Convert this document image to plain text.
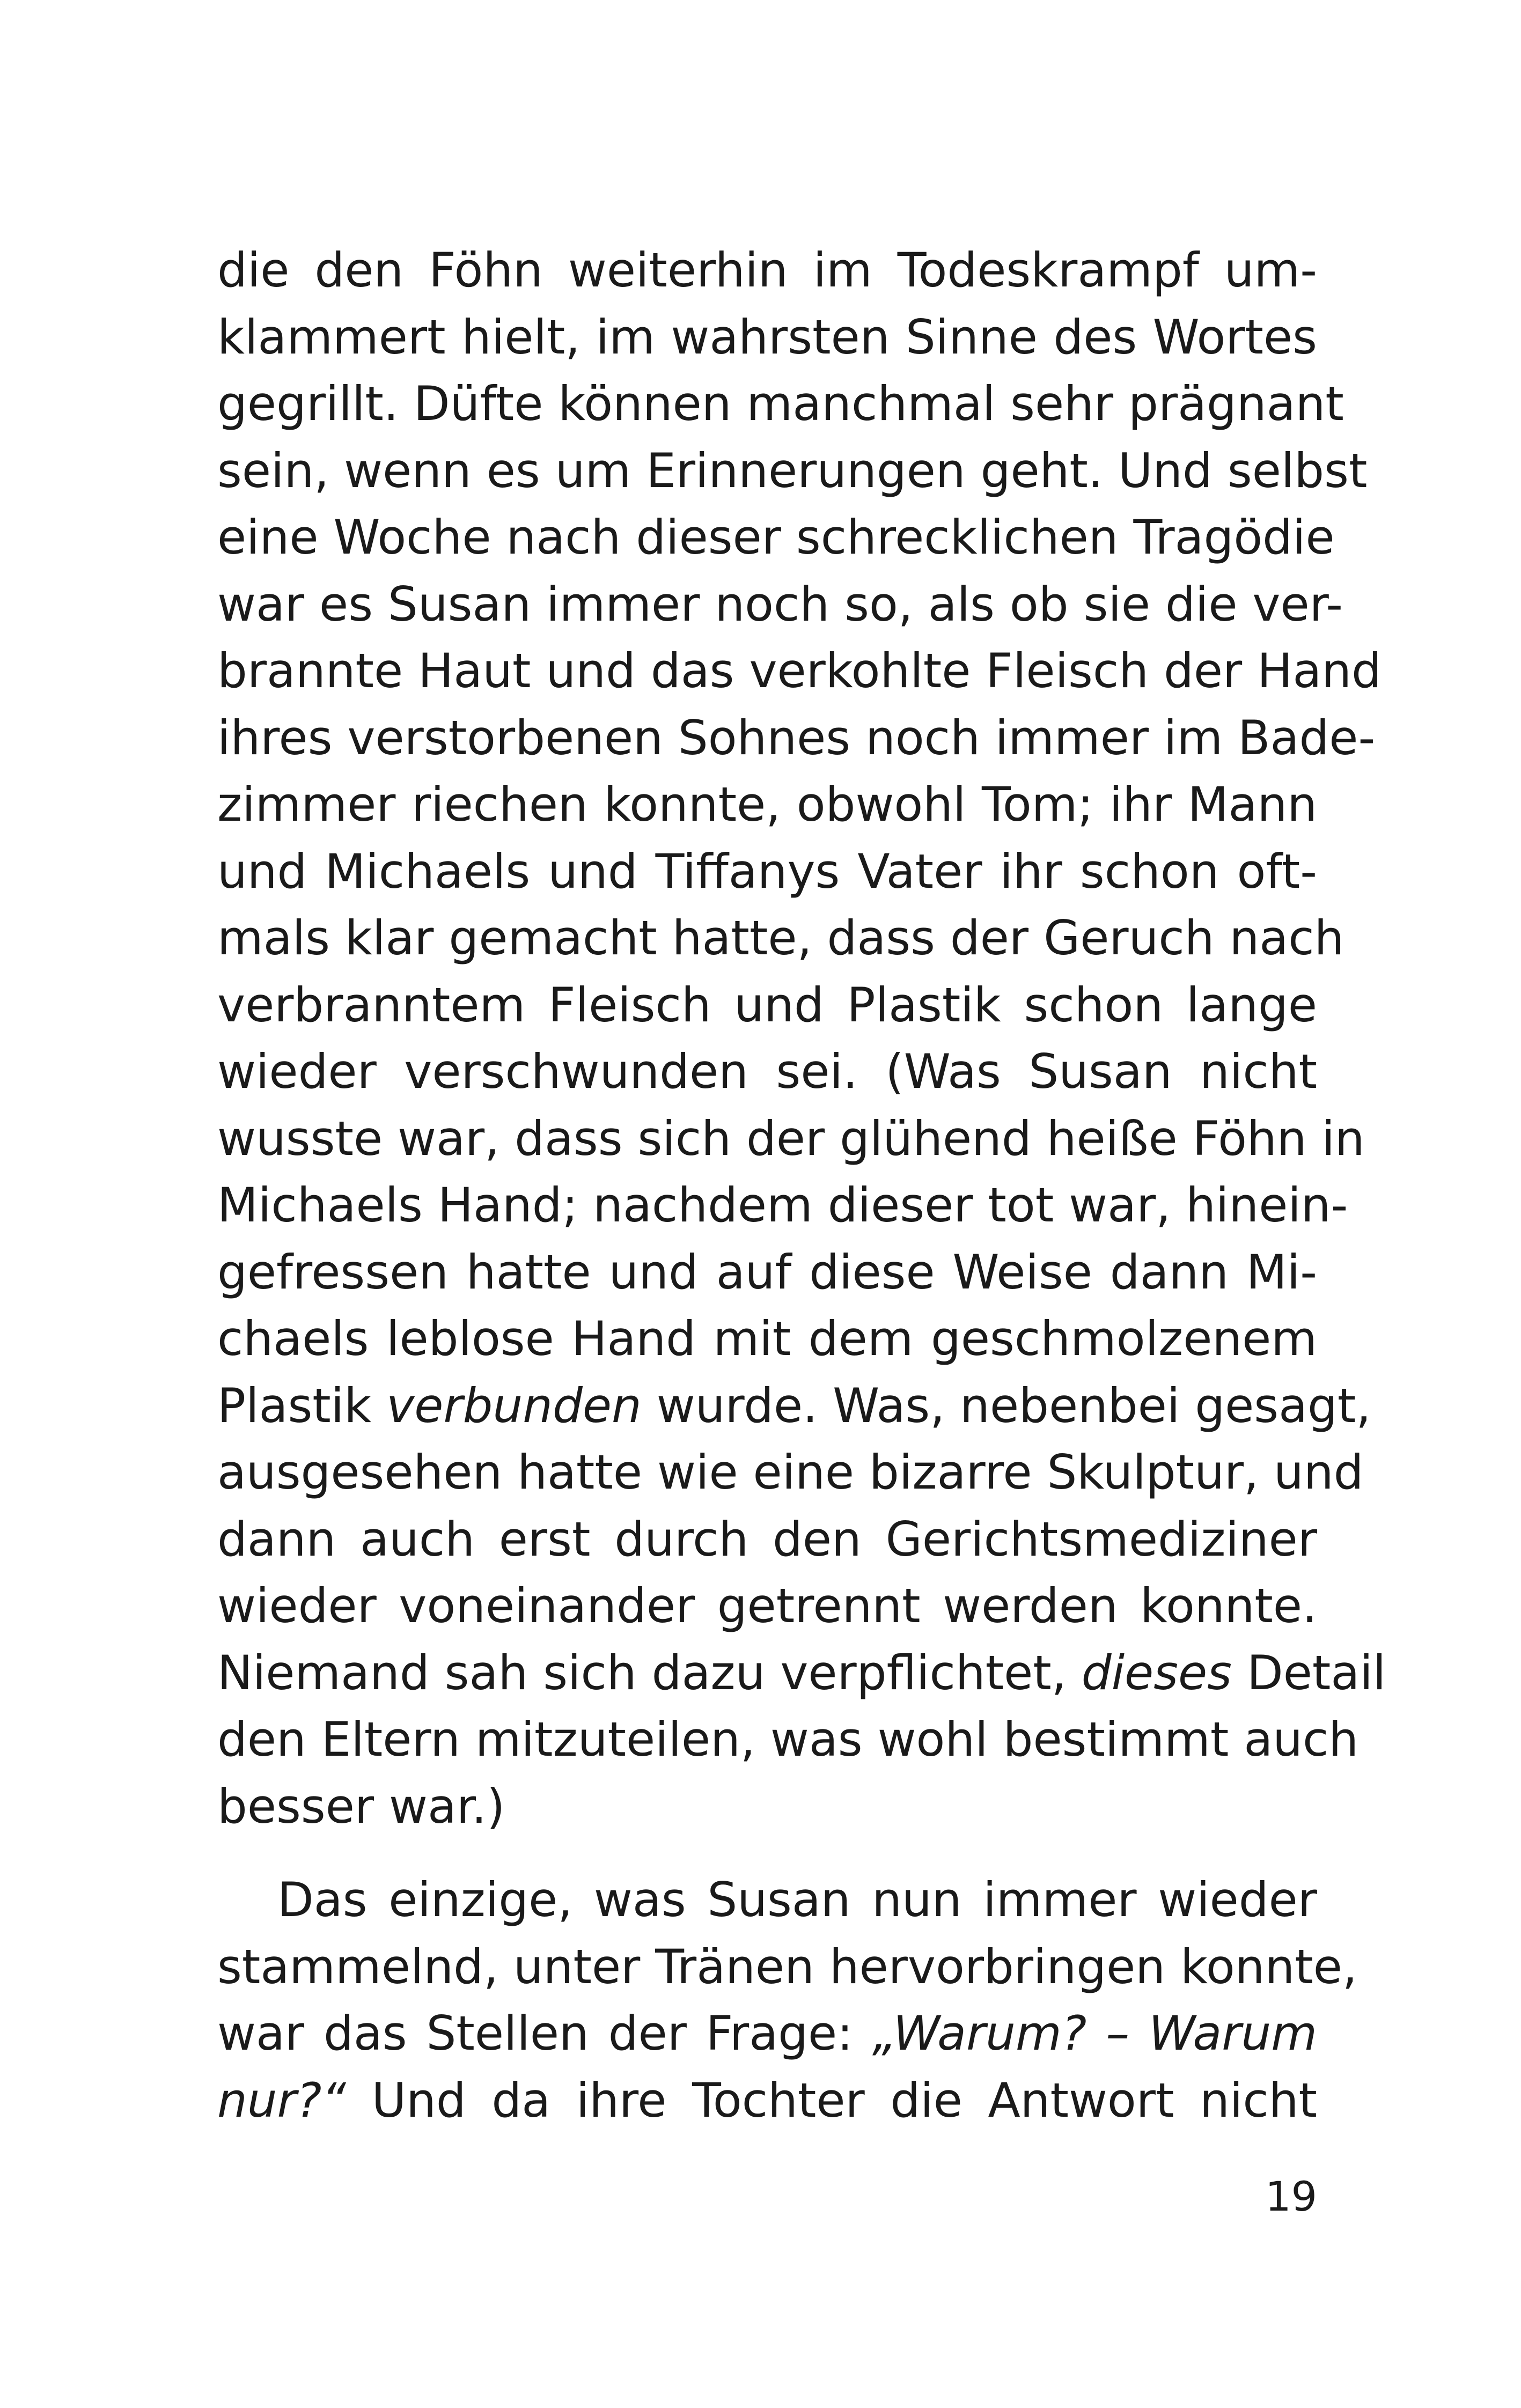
die den Föhn weiterhin im Todeskrampf um-
klammert hielt, im wahrsten Sinne des Wortes
gegrillt. Düfte können manchmal sehr prägnant
sein, wenn es um Erinnerungen geht. Und selbst
eine Woche nach dieser schrecklichen Tragödie
war es Susan immer noch so, als ob sie die ver-
brannte Haut und das verkohlte Fleisch der Hand
ihres verstorbenen Sohnes noch immer im Bade-
zimmer riechen konnte, obwohl Tom; ihr Mann
und Michaels und Tiffanys Vater ihr schon oft-
mals klar gemacht hatte, dass der Geruch nach
verbranntem Fleisch und Plastik schon lange
wieder verschwunden sei. (Was Susan nicht
wusste war, dass sich der glühend heiße Föhn in
Michaels Hand; nachdem dieser tot war, hinein-
gefressen hatte und auf diese Weise dann Mi-
chaels leblose Hand mit dem geschmolzenem
Plastik verbunden wurde. Was, nebenbei gesagt,
ausgesehen hatte wie eine bizarre Skulptur, und
dann auch erst durch den Gerichtsmediziner
wieder voneinander getrennt werden konnte.
Niemand sah sich dazu verpflichtet, dieses Detail
den Eltern mitzuteilen, was wohl bestimmt auch
besser war.)
Das einzige, was Susan nun immer wieder
stammelnd, unter Tränen hervorbringen konnte,
war das Stellen der Frage: „Warum? – Warum
nur?“ Und da ihre Tochter die Antwort nicht
19
